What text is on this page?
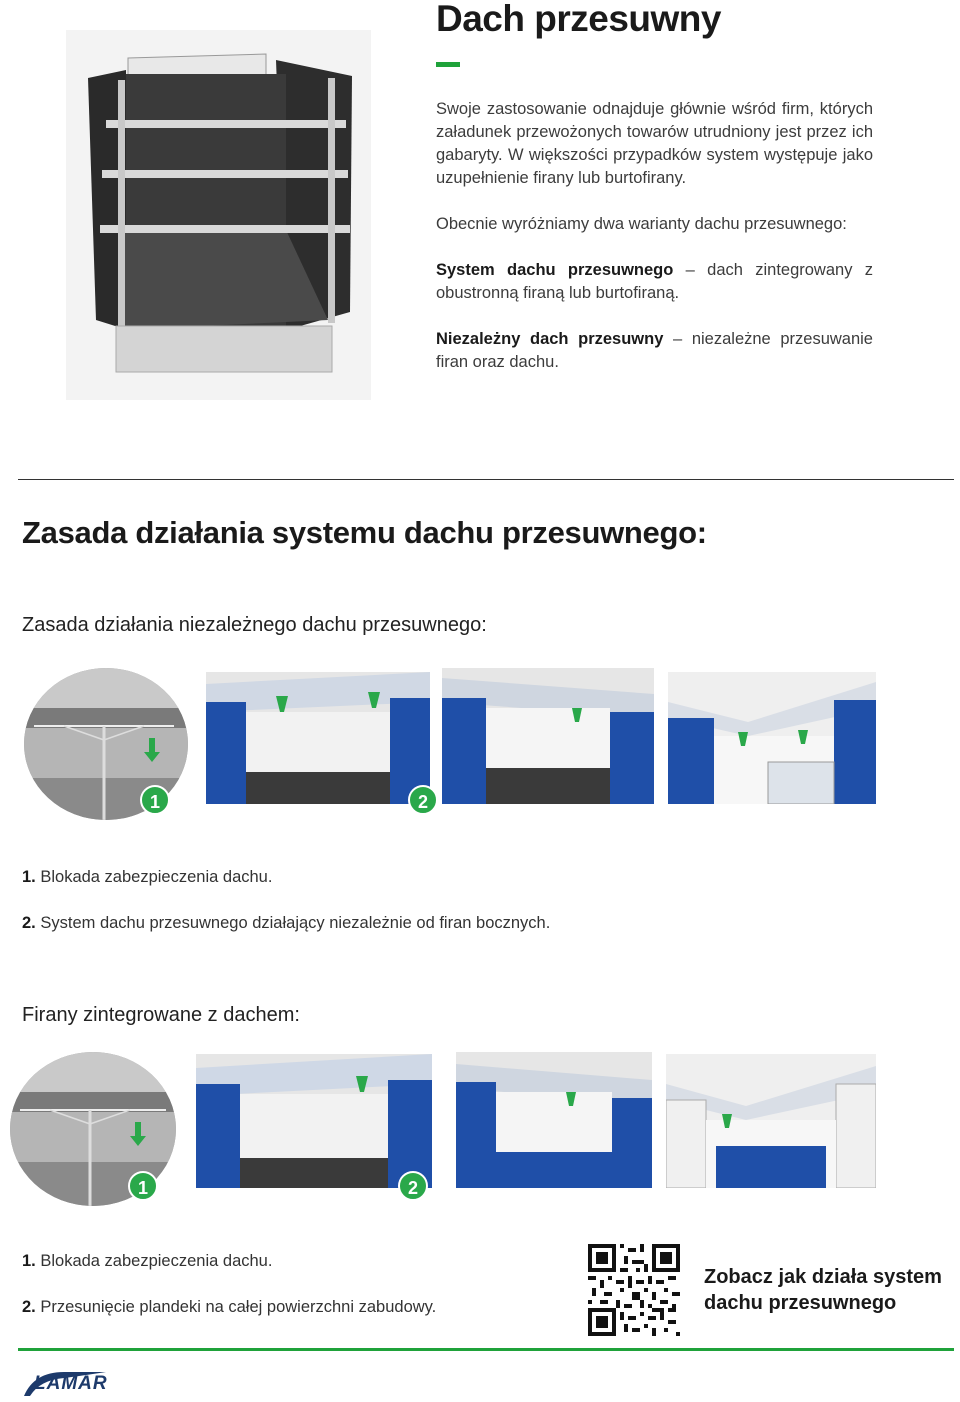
Dach przesuwny

Swoje zastosowanie odnajduje głównie wśród firm, których załadunek przewożonych towarów utrudniony jest przez ich gabaryty. W większości przypadków system występuje jako uzupełnienie firany lub burtofirany.

Obecnie wyróżniamy dwa warianty dachu przesuwnego:

System dachu przesuwnego – dach zintegrowany z obustronną firaną lub burtofiraną.

Niezależny dach przesuwny – niezależne przesuwanie firan oraz dachu.

Zasada działania systemu dachu przesuwnego:
Zasada działania niezależnego dachu przesuwnego:
1	2

1. Blokada zabezpieczenia dachu.

2. System dachu przesuwnego działający niezależnie od firan bocznych.

Firany zintegrowane z dachem:
1	2

1. Blokada zabezpieczenia dachu.

2. Przesunięcie plandeki na całej powierzchni zabudowy.

Zobacz jak działa system
dachu przesuwnego

LAMAR
